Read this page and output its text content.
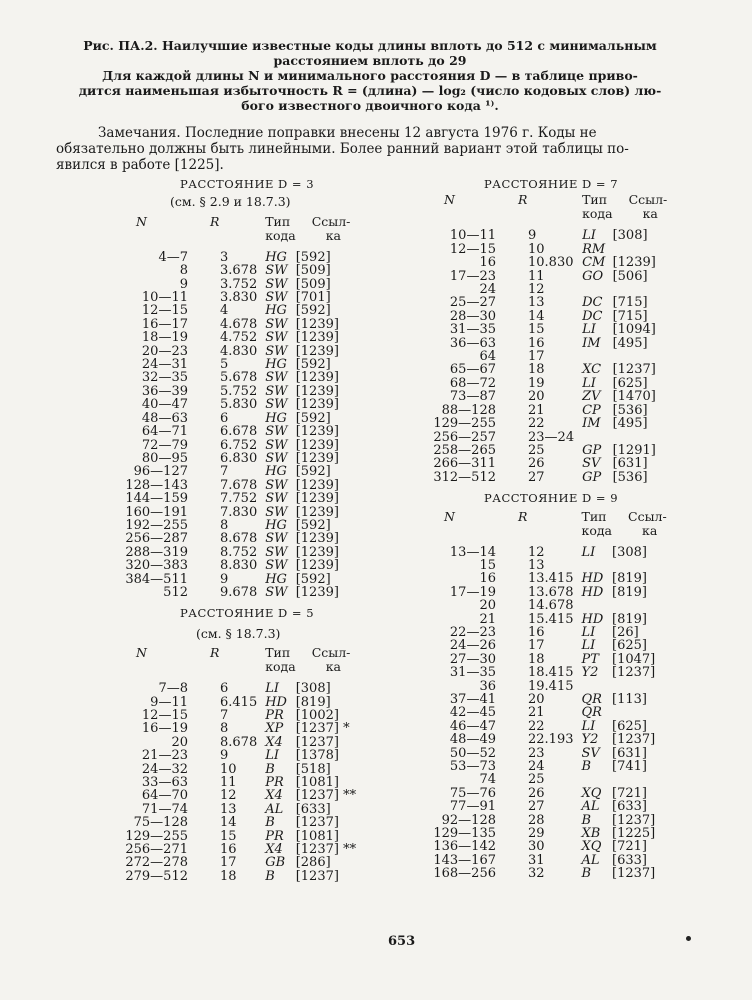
Рис. ПА.2. Наилучшие известные коды длины вплоть до 512 с минимальным
расстоянием вплоть до 29
Для каждой длины N и минимального расстояния D — в таблице приво-
дится наименьшая избыточность R = (длина) — log₂ (число кодовых слов) лю-
бого известного двоичного кода ¹⁾.
Замечания. Последние поправки внесены 12 августа 1976 г. Коды не
обязательно должны быть линейными. Более ранний вариант этой таблицы по-
явился в работе [1225].
РАССТОЯНИЕ D = 3
(см. § 2.9 и 18.7.3)
N	R	Тип	Ссыл-
		кода	ка

4—7	3	HG	[592]
8	3.678	SW	[509]
9	3.752	SW	[509]
10—11	3.830	SW	[701]
12—15	4	HG	[592]
16—17	4.678	SW	[1239]
18—19	4.752	SW	[1239]
20—23	4.830	SW	[1239]
24—31	5	HG	[592]
32—35	5.678	SW	[1239]
36—39	5.752	SW	[1239]
40—47	5.830	SW	[1239]
48—63	6	HG	[592]
64—71	6.678	SW	[1239]
72—79	6.752	SW	[1239]
80—95	6.830	SW	[1239]
96—127	7	HG	[592]
128—143	7.678	SW	[1239]
144—159	7.752	SW	[1239]
160—191	7.830	SW	[1239]
192—255	8	HG	[592]
256—287	8.678	SW	[1239]
288—319	8.752	SW	[1239]
320—383	8.830	SW	[1239]
384—511	9	HG	[592]
512	9.678	SW	[1239]
РАССТОЯНИЕ D = 5
(см. § 18.7.3)
N	R	Тип	Ссыл-
		кода	ка

7—8	6	LI	[308]
9—11	6.415	HD	[819]
12—15	7	PR	[1002]
16—19	8	XP	[1237] *
20	8.678	X4	[1237]
21—23	9	LI	[1378]
24—32	10	B	[518]
33—63	11	PR	[1081]
64—70	12	X4	[1237] **
71—74	13	AL	[633]
75—128	14	B	[1237]
129—255	15	PR	[1081]
256—271	16	X4	[1237] **
272—278	17	GB	[286]
279—512	18	B	[1237]
РАССТОЯНИЕ D = 7
N	R	Тип	Ссыл-
		кода	ка

10—11	9	LI	[308]
12—15	10	RM	
16	10.830	CM	[1239]
17—23	11	GO	[506]
24	12		
25—27	13	DC	[715]
28—30	14	DC	[715]
31—35	15	LI	[1094]
36—63	16	IM	[495]
64	17		
65—67	18	XC	[1237]
68—72	19	LI	[625]
73—87	20	ZV	[1470]
88—128	21	CP	[536]
129—255	22	IM	[495]
256—257	23—24		
258—265	25	GP	[1291]
266—311	26	SV	[631]
312—512	27	GP	[536]
РАССТОЯНИЕ D = 9
N	R	Тип	Ссыл-
		кода	ка

13—14	12	LI	[308]
15	13		
16	13.415	HD	[819]
17—19	13.678	HD	[819]
20	14.678		
21	15.415	HD	[819]
22—23	16	LI	[26]
24—26	17	LI	[625]
27—30	18	PT	[1047]
31—35	18.415	Y2	[1237]
36	19.415		
37—41	20	QR	[113]
42—45	21	QR	
46—47	22	LI	[625]
48—49	22.193	Y2	[1237]
50—52	23	SV	[631]
53—73	24	B	[741]
74	25		
75—76	26	XQ	[721]
77—91	27	AL	[633]
92—128	28	B	[1237]
129—135	29	XB	[1225]
136—142	30	XQ	[721]
143—167	31	AL	[633]
168—256	32	B	[1237]
653
